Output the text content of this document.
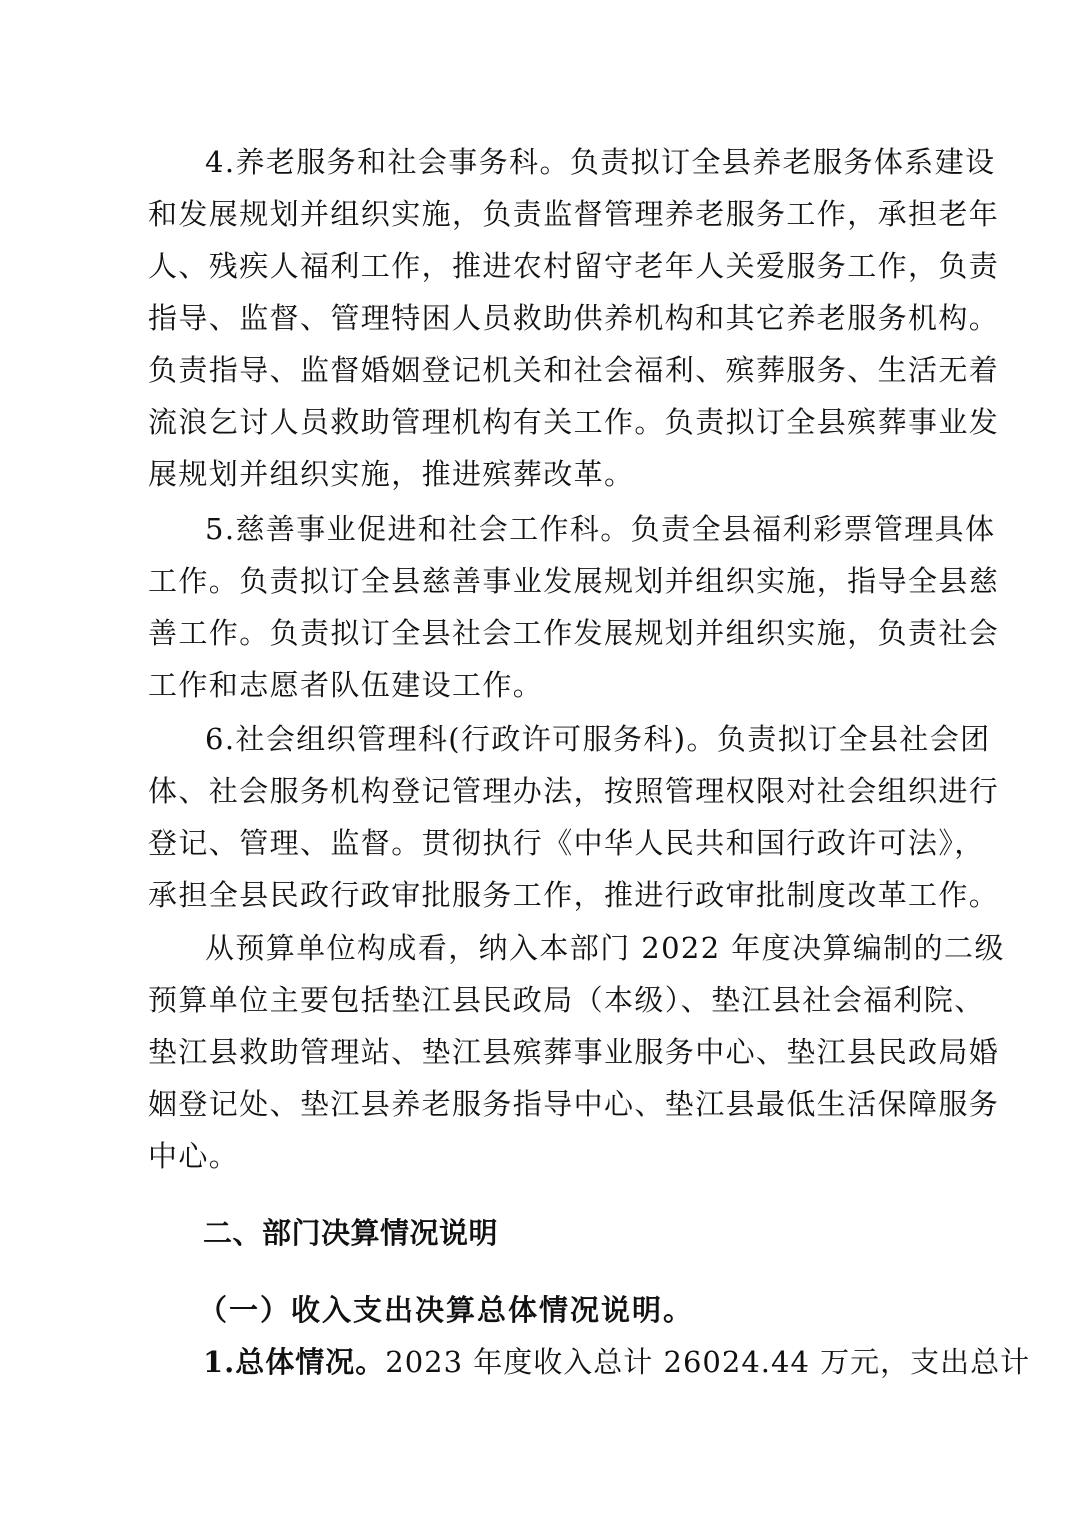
4.养老服务和社会事务科。负责拟订全县养老服务体系建设
和发展规划并组织实施，负责监督管理养老服务工作，承担老年
人、残疾人福利工作，推进农村留守老年人关爱服务工作，负责
指导、监督、管理特困人员救助供养机构和其它养老服务机构。
负责指导、监督婚姻登记机关和社会福利、殡葬服务、生活无着
流浪乞讨人员救助管理机构有关工作。负责拟订全县殡葬事业发
展规划并组织实施，推进殡葬改革。
5.慈善事业促进和社会工作科。负责全县福利彩票管理具体
工作。负责拟订全县慈善事业发展规划并组织实施，指导全县慈
善工作。负责拟订全县社会工作发展规划并组织实施，负责社会
工作和志愿者队伍建设工作。
6.社会组织管理科(行政许可服务科)。负责拟订全县社会团
体、社会服务机构登记管理办法，按照管理权限对社会组织进行
登记、管理、监督。贯彻执行《中华人民共和国行政许可法》，
承担全县民政行政审批服务工作，推进行政审批制度改革工作。
从预算单位构成看，纳入本部门 2022 年度决算编制的二级
预算单位主要包括垫江县民政局（本级）、垫江县社会福利院、
垫江县救助管理站、垫江县殡葬事业服务中心、垫江县民政局婚
姻登记处、垫江县养老服务指导中心、垫江县最低生活保障服务
中心。
二、部门决算情况说明
（一）收入支出决算总体情况说明。
1.总体情况。2023 年度收入总计 26024.44 万元，支出总计
